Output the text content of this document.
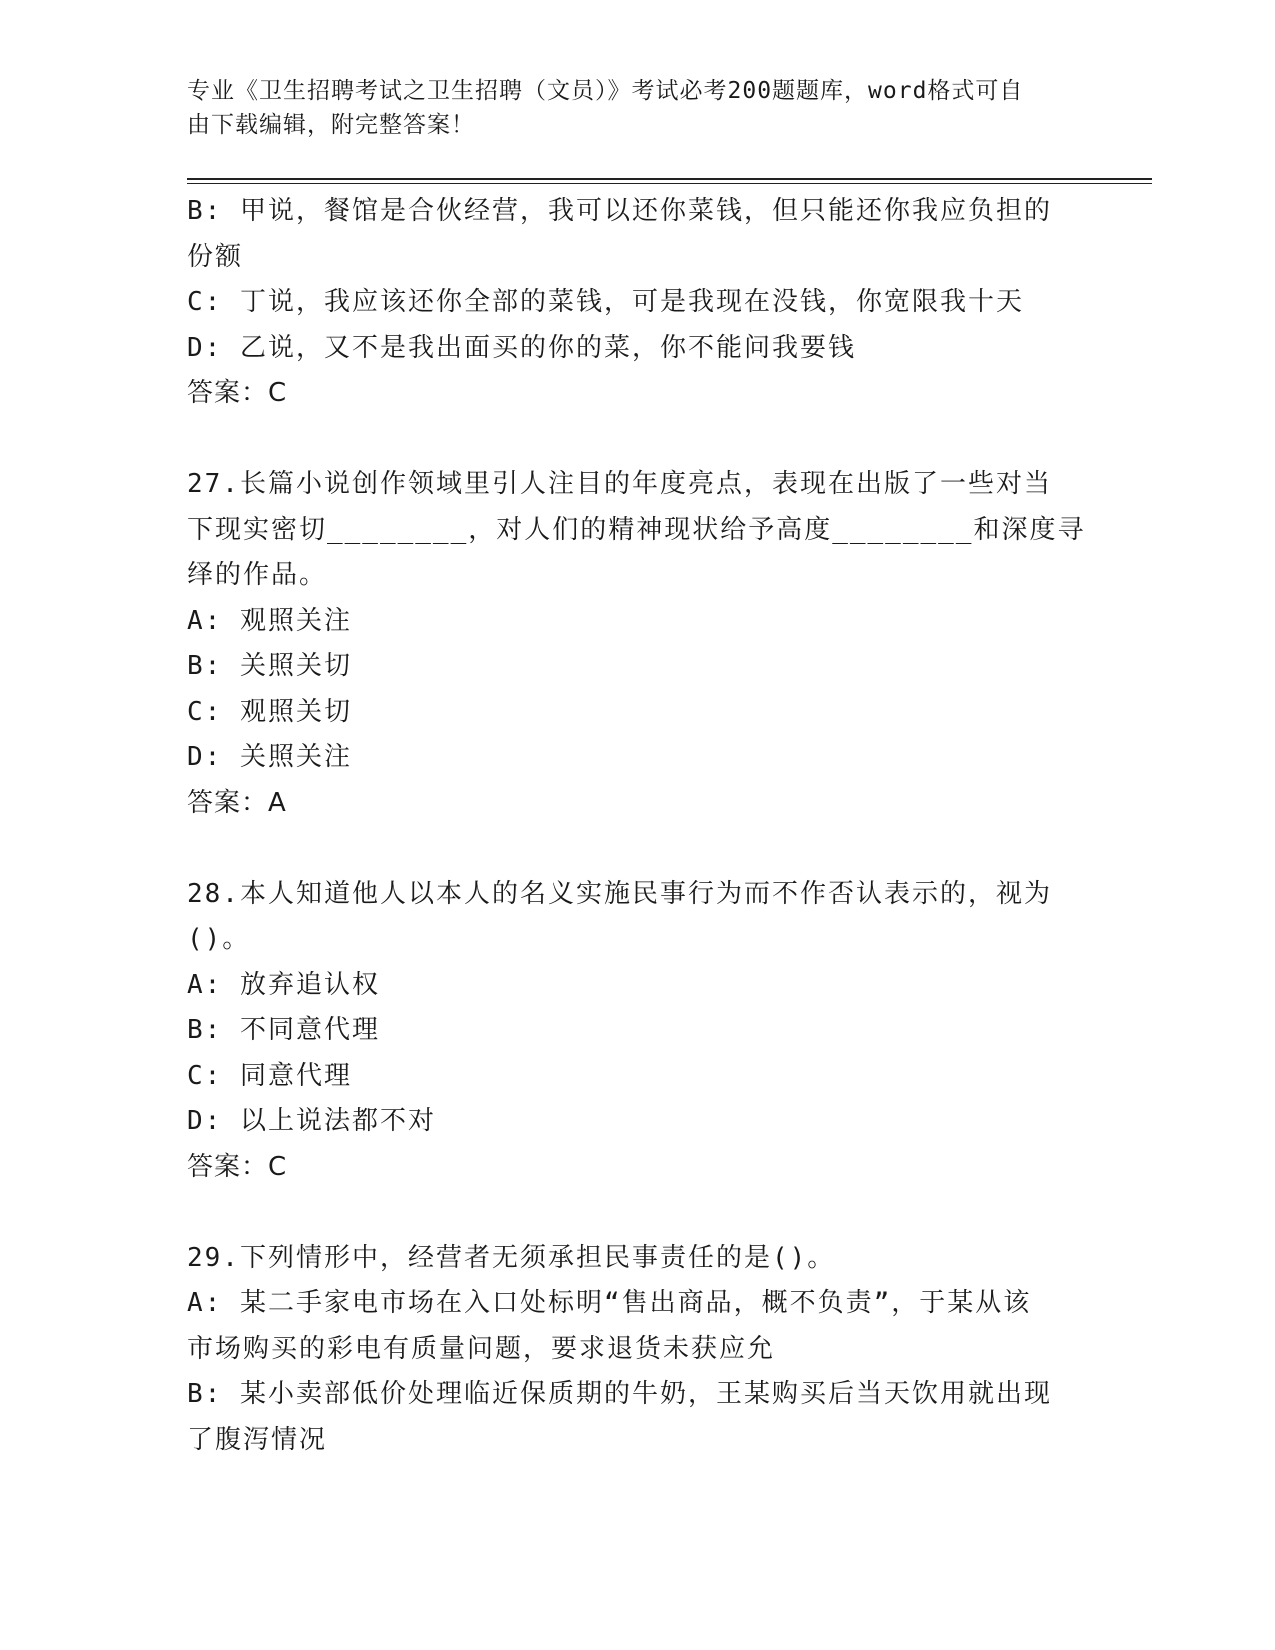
专业《卫生招聘考试之卫生招聘（文员）》考试必考200题题库，word格式可自
由下载编辑，附完整答案！
B: 甲说，餐馆是合伙经营，我可以还你菜钱，但只能还你我应负担的
份额
C: 丁说，我应该还你全部的菜钱，可是我现在没钱，你宽限我十天
D: 乙说，又不是我出面买的你的菜，你不能问我要钱
答案：C
27.长篇小说创作领域里引人注目的年度亮点，表现在出版了一些对当
下现实密切________，对人们的精神现状给予高度________和深度寻
绎的作品。
A: 观照关注
B: 关照关切
C: 观照关切
D: 关照关注
答案：A
28.本人知道他人以本人的名义实施民事行为而不作否认表示的，视为
()。
A: 放弃追认权
B: 不同意代理
C: 同意代理
D: 以上说法都不对
答案：C
29.下列情形中，经营者无须承担民事责任的是()。
A: 某二手家电市场在入口处标明“售出商品，概不负责”，于某从该
市场购买的彩电有质量问题，要求退货未获应允
B: 某小卖部低价处理临近保质期的牛奶，王某购买后当天饮用就出现
了腹泻情况
